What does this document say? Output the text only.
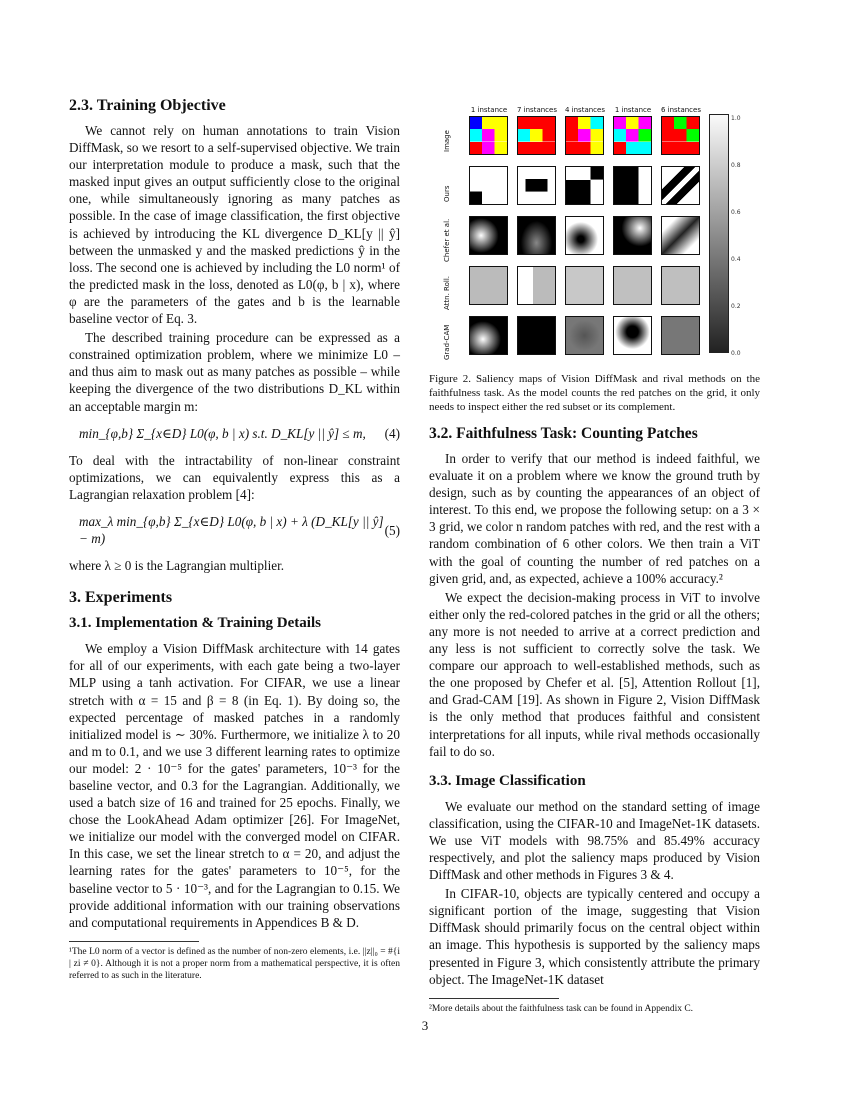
2.3. Training Objective

We cannot rely on human annotations to train Vision DiffMask, so we resort to a self-supervised objective. We train our interpretation module to produce a mask, such that the masked input gives an output sufficiently close to the original one, while simultaneously ignoring as many patches as possible. In the case of image classification, the first objective is achieved by introducing the KL divergence D_KL[y || ŷ] between the unmasked y and the masked predictions ŷ in the loss. The second one is achieved by including the L0 norm¹ of the predicted mask in the loss, denoted as L0(φ, b | x), where φ are the parameters of the gates and b is the learnable baseline vector of Eq. 3.

The described training procedure can be expressed as a constrained optimization problem, where we minimize L0 – and thus aim to mask out as many patches as possible – while keeping the divergence of the two distributions D_KL within an acceptable margin m:

min_{φ,b} Σ_{x∈D} L0(φ, b | x) s.t. D_KL[y || ŷ] ≤ m, (4)

To deal with the intractability of non-linear constraint optimizations, we can equivalently express this as a Lagrangian relaxation problem [4]:

max_λ min_{φ,b} Σ_{x∈D} L0(φ, b | x) + λ (D_KL[y || ŷ] − m)
(5)

where λ ≥ 0 is the Lagrangian multiplier.

3. Experiments
3.1. Implementation & Training Details

We employ a Vision DiffMask architecture with 14 gates for all of our experiments, with each gate being a two-layer MLP using a tanh activation. For CIFAR, we use a linear stretch with α = 15 and β = 8 (in Eq. 1). By doing so, the expected percentage of masked patches in a randomly initialized model is ∼ 30%. Furthermore, we initialize λ to 20 and m to 0.1, and we use 3 different learning rates to optimize our model: 2 · 10⁻⁵ for the gates' parameters, 10⁻³ for the baseline vector, and 0.3 for the Lagrangian. Additionally, we used a batch size of 16 and trained for 25 epochs. Finally, we chose the LookAhead Adam optimizer [26]. For ImageNet, we initialize our model with the converged model on CIFAR. In this case, we set the linear stretch to α = 20, and adjust the learning rates for the gates' parameters to 10⁻⁵, for the baseline vector to 5 · 10⁻³, and for the Lagrangian to 0.15. We provide additional information with our training observations and computational requirements in Appendices B & D.

¹The L0 norm of a vector is defined as the number of non-zero elements, i.e. ||z||₀ = #{i | zi ≠ 0}. Although it is not a proper norm from a mathematical perspective, it is often referred to as such in the literature.
1 instance	7 instances	4 instances	1 instance	6 instances
Image
Ours
Chefer et al.
Attn. Roll.
Grad-CAM
1.0
0.8
0.6
0.4
0.2
0.0
Figure 2. Saliency maps of Vision DiffMask and rival methods on the faithfulness task. As the model counts the red patches on the grid, it only needs to inspect either the red subset or its complement.
3.2. Faithfulness Task: Counting Patches

In order to verify that our method is indeed faithful, we evaluate it on a problem where we know the ground truth by design, such as by counting the appearances of an object of interest. To this end, we propose the following setup: on a 3 × 3 grid, we color n random patches with red, and the rest with a random combination of 6 other colors. We then train a ViT with the goal of counting the number of red patches on a given grid, and, as expected, achieve a 100% accuracy.²

We expect the decision-making process in ViT to involve either only the red-colored patches in the grid or all the others; any more is not needed to arrive at a correct prediction and any less is not sufficient to correctly solve the task. We compare our approach to well-established methods, such as the one proposed by Chefer et al. [5], Attention Rollout [1], and Grad-CAM [19]. As shown in Figure 2, Vision DiffMask is the only method that produces faithful and consistent interpretations for all inputs, while rival methods occasionally fail to do so.

3.3. Image Classification

We evaluate our method on the standard setting of image classification, using the CIFAR-10 and ImageNet-1K datasets. We use ViT models with 98.75% and 85.49% accuracy respectively, and plot the saliency maps produced by Vision DiffMask and other methods in Figures 3 & 4.

In CIFAR-10, objects are typically centered and occupy a significant portion of the image, suggesting that Vision DiffMask should primarily focus on the central object within an image. This hypothesis is supported by the saliency maps presented in Figure 3, which consistently attribute the primary object. The ImageNet-1K dataset

²More details about the faithfulness task can be found in Appendix C.
3
